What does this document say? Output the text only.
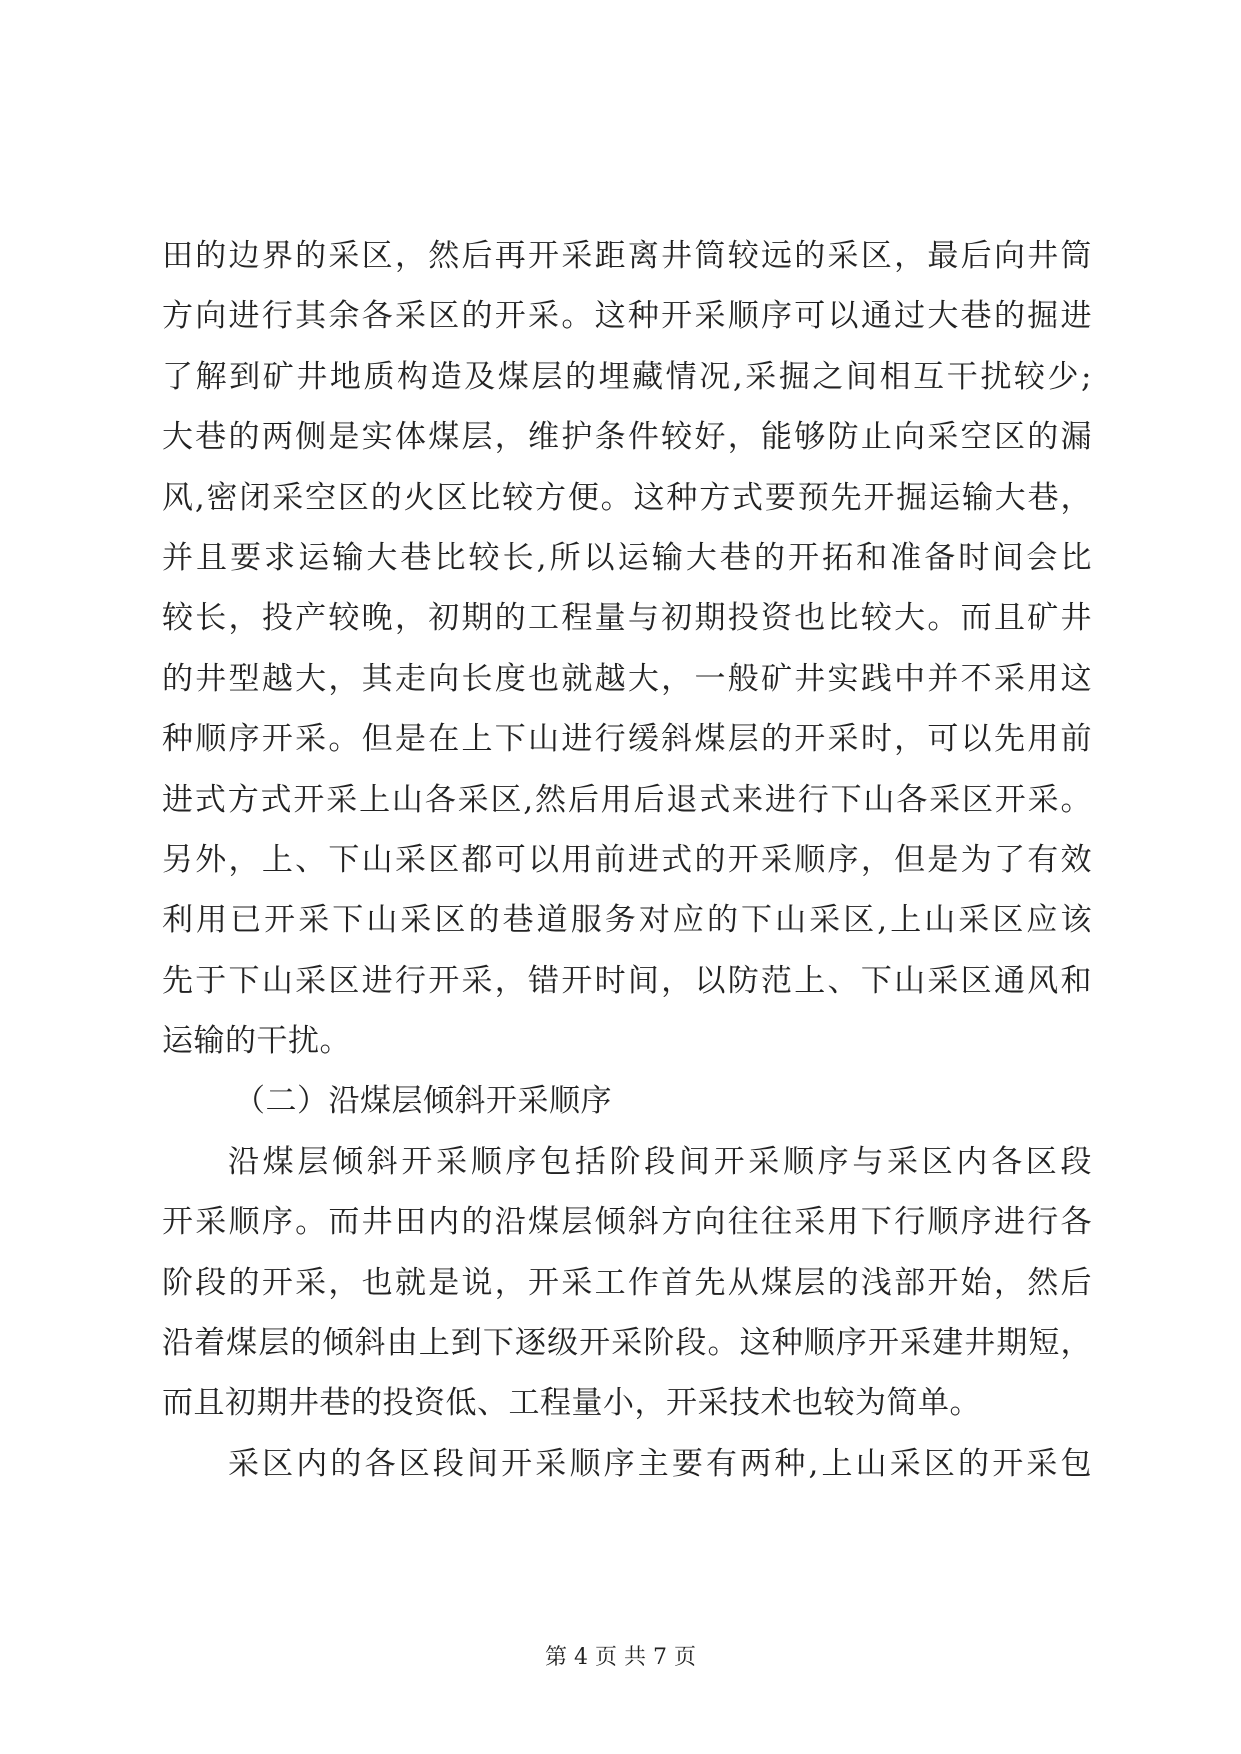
田的边界的采区，然后再开采距离井筒较远的采区，最后向井筒
方向进行其余各采区的开采。这种开采顺序可以通过大巷的掘进
了解到矿井地质构造及煤层的埋藏情况,采掘之间相互干扰较少;
大巷的两侧是实体煤层，维护条件较好，能够防止向采空区的漏
风,密闭采空区的火区比较方便。这种方式要预先开掘运输大巷，
并且要求运输大巷比较长,所以运输大巷的开拓和准备时间会比
较长，投产较晚，初期的工程量与初期投资也比较大。而且矿井
的井型越大，其走向长度也就越大，一般矿井实践中并不采用这
种顺序开采。但是在上下山进行缓斜煤层的开采时，可以先用前
进式方式开采上山各采区,然后用后退式来进行下山各采区开采。
另外，上、下山采区都可以用前进式的开采顺序，但是为了有效
利用已开采下山采区的巷道服务对应的下山采区,上山采区应该
先于下山采区进行开采，错开时间，以防范上、下山采区通风和
运输的干扰。
（二）沿煤层倾斜开采顺序
沿煤层倾斜开采顺序包括阶段间开采顺序与采区内各区段
开采顺序。而井田内的沿煤层倾斜方向往往采用下行顺序进行各
阶段的开采，也就是说，开采工作首先从煤层的浅部开始，然后
沿着煤层的倾斜由上到下逐级开采阶段。这种顺序开采建井期短，
而且初期井巷的投资低、工程量小，开采技术也较为简单。
采区内的各区段间开采顺序主要有两种,上山采区的开采包
第 4 页 共 7 页
